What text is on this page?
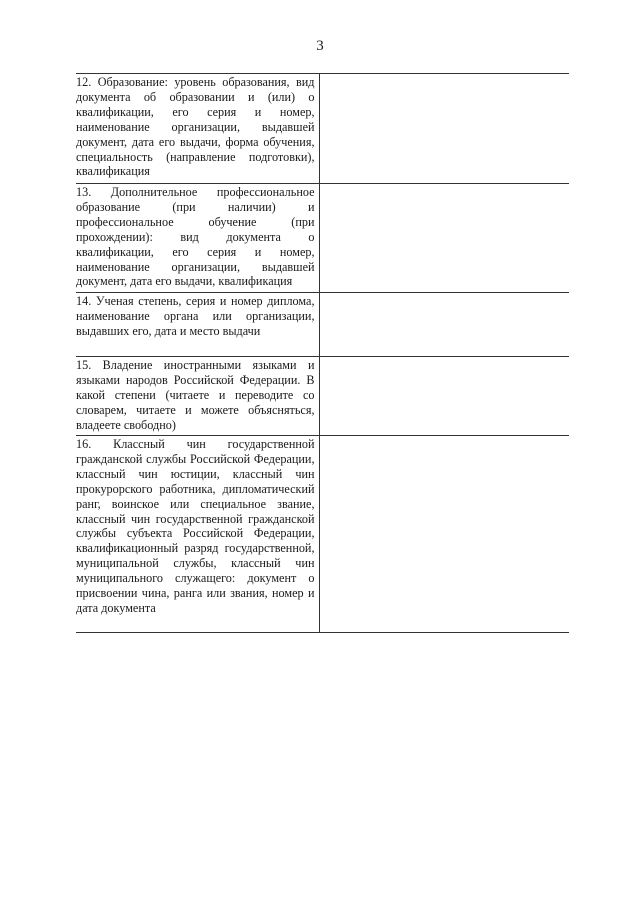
3
12. Образование: уровень образования, вид документа об образовании и (или) о квалификации, его серия и номер, наименование организации, выдавшей документ, дата его выдачи, форма обучения, специальность (направление подготовки), квалификация	
13. Дополнительное профессиональное образование (при наличии) и профессиональное обучение (при прохождении): вид документа о квалификации, его серия и номер, наименование организации, выдавшей документ, дата его выдачи, квалификация	
14. Ученая степень, серия и номер диплома, наименование органа или организации, выдавших его, дата и место выдачи	
15. Владение иностранными языками и языками народов Российской Федерации. В какой степени (читаете и переводите со словарем, читаете и можете объясняться, владеете свободно)	
16. Классный чин государственной гражданской службы Российской Федерации, классный чин юстиции, классный чин прокурорского работника, дипломатический ранг, воинское или специальное звание, классный чин государственной гражданской службы субъекта Российской Федерации, квалификационный разряд государственной, муниципальной службы, классный чин муниципального служащего: документ о присвоении чина, ранга или звания, номер и дата документа	
